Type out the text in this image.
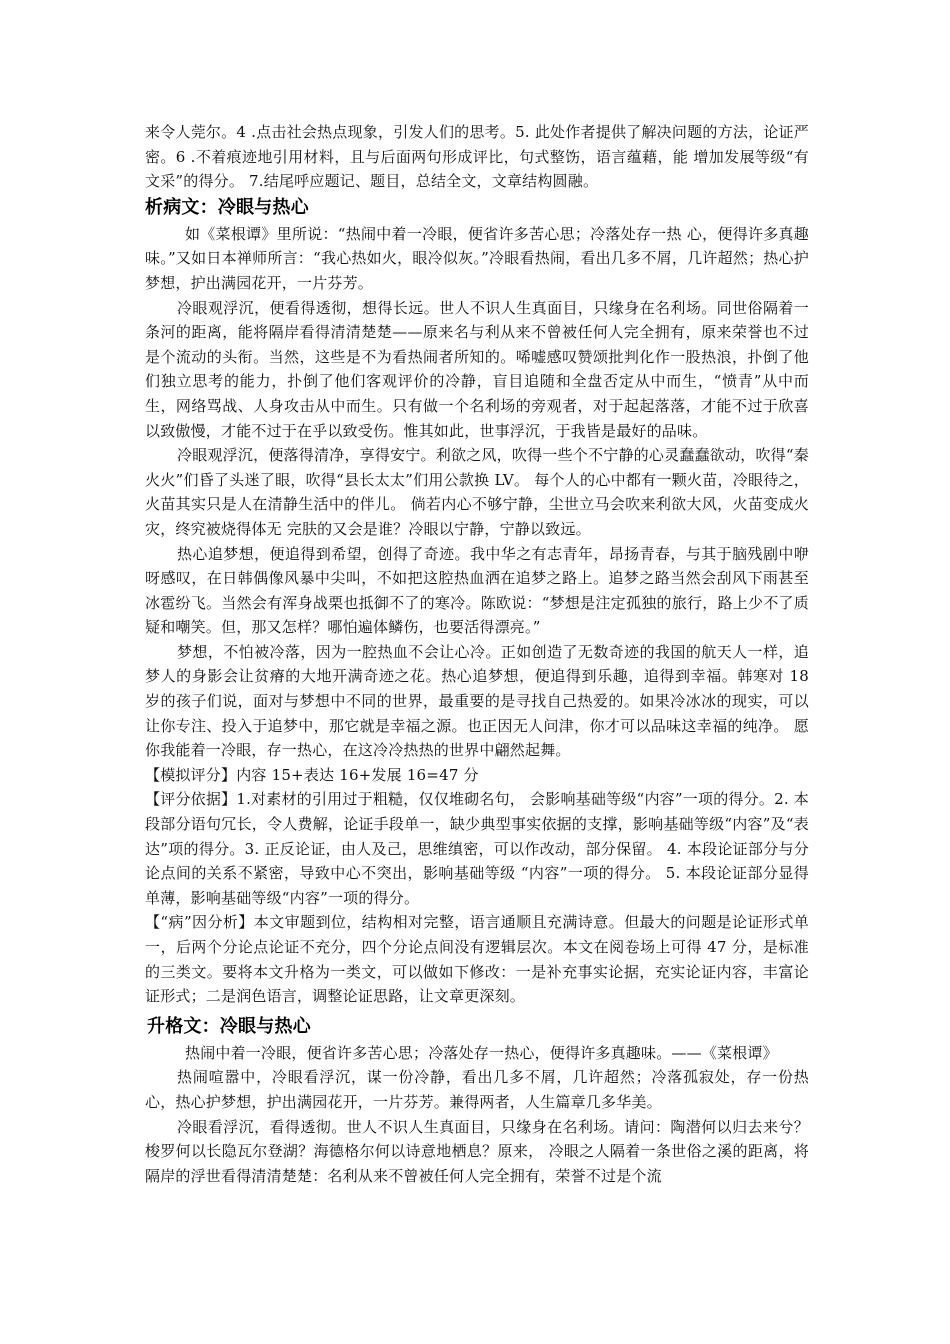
来令人莞尔。4 .点击社会热点现象，引发人们的思考。5. 此处作者提供了解决问题的方法，论证严密。6 .不着痕迹地引用材料，且与后面两句形成评比，句式整饬，语言蕴藉，能 增加发展等级“有文采”的得分。 7.结尾呼应题记、题目，总结全文，文章结构圆融。

析病文：冷眼与热心

如《菜根谭》里所说：“热闹中着一冷眼，便省许多苦心思；冷落处存一热 心，便得许多真趣味。”又如日本禅师所言：“我心热如火，眼冷似灰。”冷眼看热闹，看出几多不屑，几许超然；热心护梦想，护出满园花开，一片芬芳。

冷眼观浮沉，便看得透彻，想得长远。世人不识人生真面目，只缘身在名利场。同世俗隔着一条河的距离，能将隔岸看得清清楚楚——原来名与利从来不曾被任何人完全拥有，原来荣誉也不过是个流动的头衔。当然，这些是不为看热闹者所知的。唏嘘感叹赞颂批判化作一股热浪，扑倒了他们独立思考的能力，扑倒了他们客观评价的冷静，盲目追随和全盘否定从中而生，“愤青”从中而生，网络骂战、人身攻击从中而生。只有做一个名利场的旁观者，对于起起落落，才能不过于欣喜以致傲慢，才能不过于在乎以致受伤。惟其如此，世事浮沉，于我皆是最好的品味。

冷眼观浮沉，便落得清净，享得安宁。利欲之风，吹得一些个不宁静的心灵蠢蠢欲动，吹得“秦火火”们昏了头迷了眼，吹得“县长太太”们用公款换 LV。 每个人的心中都有一颗火苗，冷眼待之，火苗其实只是人在清静生活中的伴儿。 倘若内心不够宁静，尘世立马会吹来利欲大风，火苗变成火灾，终究被烧得体无 完肤的又会是谁？冷眼以宁静，宁静以致远。

热心追梦想，便追得到希望，创得了奇迹。我中华之有志青年，昂扬青春，与其于脑残剧中咿呀感叹，在日韩偶像风暴中尖叫，不如把这腔热血洒在追梦之路上。追梦之路当然会刮风下雨甚至冰雹纷飞。当然会有浑身战栗也抵御不了的寒冷。陈欧说：“梦想是注定孤独的旅行，路上少不了质疑和嘲笑。但，那又怎样？哪怕遍体鳞伤，也要活得漂亮。”

梦想，不怕被冷落，因为一腔热血不会让心冷。正如创造了无数奇迹的我国的航天人一样，追梦人的身影会让贫瘠的大地开满奇迹之花。热心追梦想，便追得到乐趣，追得到幸福。韩寒对 18 岁的孩子们说，面对与梦想中不同的世界，最重要的是寻找自己热爱的。如果冷冰冰的现实，可以让你专注、投入于追梦中，那它就是幸福之源。也正因无人问津，你才可以品味这幸福的纯净。 愿你我能着一冷眼，存一热心，在这冷冷热热的世界中翩然起舞。

【模拟评分】内容 15+表达 16+发展 16=47 分

【评分依据】1.对素材的引用过于粗糙，仅仅堆砌名句， 会影响基础等级“内容”一项的得分。2. 本段部分语句冗长，令人费解，论证手段单一，缺少典型事实依据的支撑，影响基础等级“内容”及“表达”项的得分。3. 正反论证，由人及己，思维缜密，可以作改动，部分保留。 4. 本段论证部分与分论点间的关系不紧密，导致中心不突出，影响基础等级 “内容”一项的得分。 5. 本段论证部分显得单薄，影响基础等级“内容”一项的得分。

【“病”因分析】本文审题到位，结构相对完整，语言通顺且充满诗意。但最大的问题是论证形式单一，后两个分论点论证不充分，四个分论点间没有逻辑层次。本文在阅卷场上可得 47 分，是标准的三类文。要将本文升格为一类文，可以做如下修改：一是补充事实论据，充实论证内容，丰富论证形式；二是润色语言，调整论证思路，让文章更深刻。

升格文：冷眼与热心

热闹中着一冷眼，便省许多苦心思；冷落处存一热心，便得许多真趣味。——《菜根谭》

热闹喧嚣中，冷眼看浮沉，谋一份冷静，看出几多不屑，几许超然；冷落孤寂处，存一份热心，热心护梦想，护出满园花开，一片芬芳。兼得两者，人生篇章几多华美。

冷眼看浮沉，看得透彻。世人不识人生真面目，只缘身在名利场。请问：陶潜何以归去来兮？梭罗何以长隐瓦尔登湖？海德格尔何以诗意地栖息？原来， 冷眼之人隔着一条世俗之溪的距离，将隔岸的浮世看得清清楚楚：名利从来不曾被任何人完全拥有，荣誉不过是个流
